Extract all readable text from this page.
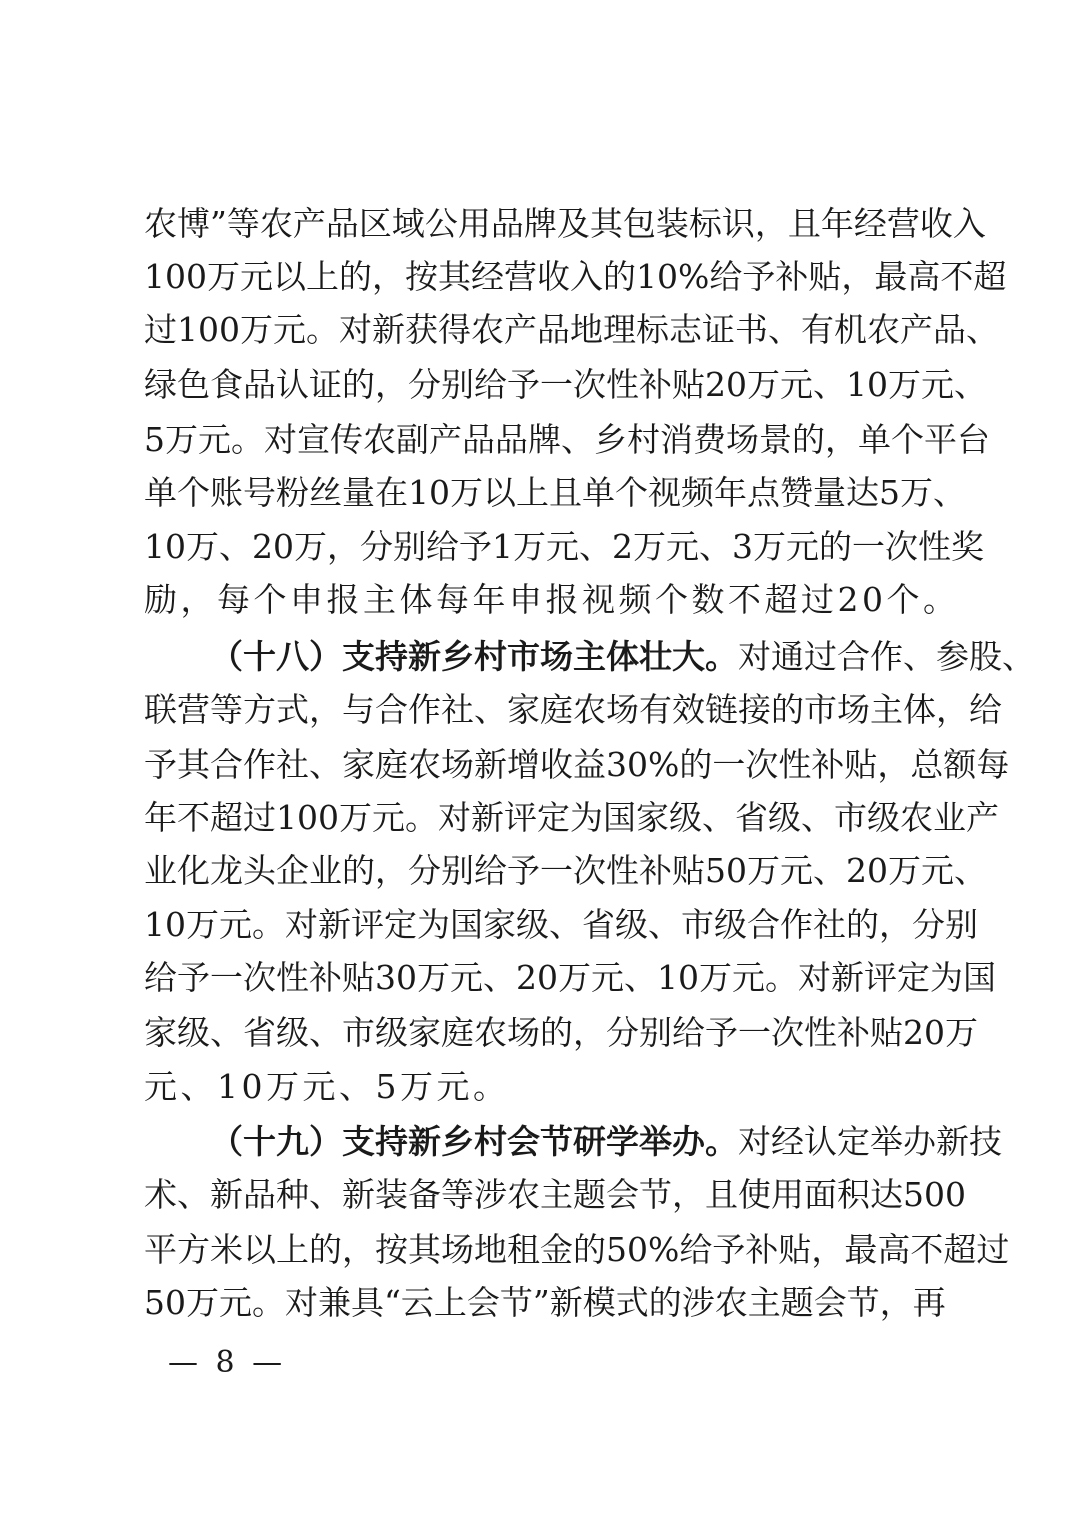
农博”等农产品区域公用品牌及其包装标识，且年经营收入
100万元以上的，按其经营收入的10%给予补贴，最高不超
过100万元。对新获得农产品地理标志证书、有机农产品、
绿色食品认证的，分别给予一次性补贴20万元、10万元、
5万元。对宣传农副产品品牌、乡村消费场景的，单个平台
单个账号粉丝量在10万以上且单个视频年点赞量达5万、
10万、20万，分别给予1万元、2万元、3万元的一次性奖
励，每个申报主体每年申报视频个数不超过20个。
（十八）支持新乡村市场主体壮大。对通过合作、参股、
联营等方式，与合作社、家庭农场有效链接的市场主体，给
予其合作社、家庭农场新增收益30%的一次性补贴，总额每
年不超过100万元。对新评定为国家级、省级、市级农业产
业化龙头企业的，分别给予一次性补贴50万元、20万元、
10万元。对新评定为国家级、省级、市级合作社的，分别
给予一次性补贴30万元、20万元、10万元。对新评定为国
家级、省级、市级家庭农场的，分别给予一次性补贴20万
元、10万元、5万元。
（十九）支持新乡村会节研学举办。对经认定举办新技
术、新品种、新装备等涉农主题会节，且使用面积达500
平方米以上的，按其场地租金的50%给予补贴，最高不超过
50万元。对兼具“云上会节”新模式的涉农主题会节，再
— 8 —
